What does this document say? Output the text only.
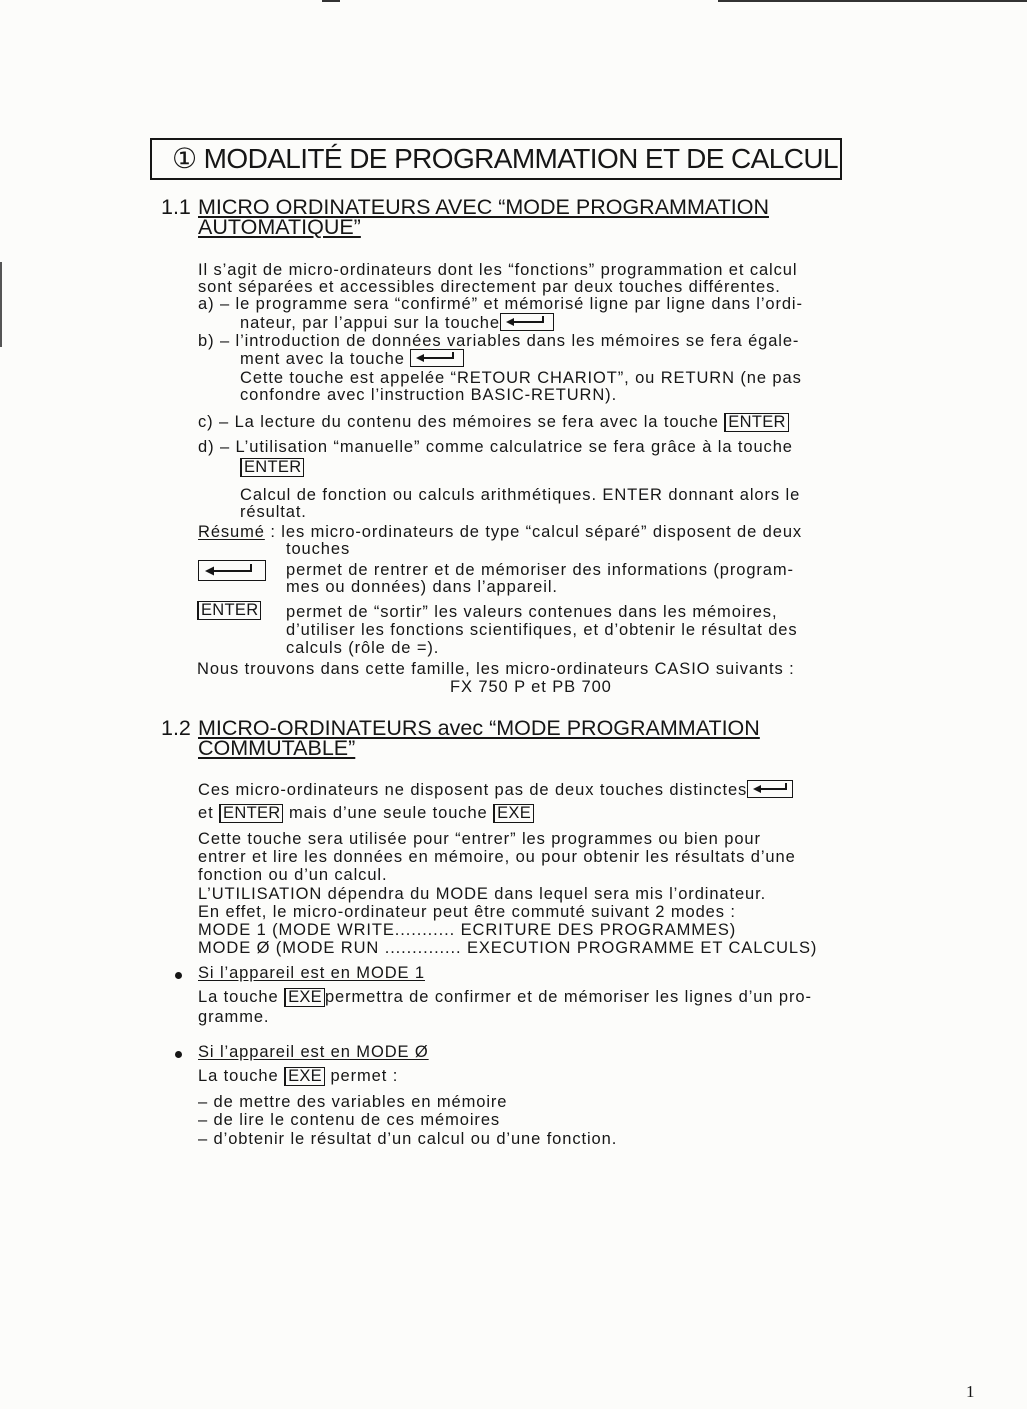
① MODALITÉ DE PROGRAMMATION ET DE CALCUL
1.1 MICRO ORDINATEURS AVEC “MODE PROGRAMMATION
AUTOMATIQUE”
Il s’agit de micro-ordinateurs dont les “fonctions” programmation et calcul
sont séparées et accessibles directement par deux touches différentes.
a) – le programme sera “confirmé” et mémorisé ligne par ligne dans l’ordi-
nateur, par l’appui sur la touche
b) – l’introduction de données variables dans les mémoires se fera égale-
ment avec la touche
Cette touche est appelée “RETOUR CHARIOT”, ou RETURN (ne pas
confondre avec l’instruction BASIC-RETURN).
c) – La lecture du contenu des mémoires se fera avec la touche ENTER
d) – L’utilisation “manuelle” comme calculatrice se fera grâce à la touche
ENTER
Calcul de fonction ou calculs arithmétiques. ENTER donnant alors le
résultat.
Résumé : les micro-ordinateurs de type “calcul séparé” disposent de deux
touches
permet de rentrer et de mémoriser des informations (program-
mes ou données) dans l’appareil.
ENTER permet de “sortir” les valeurs contenues dans les mémoires,
d’utiliser les fonctions scientifiques, et d’obtenir le résultat des
calculs (rôle de =).
Nous trouvons dans cette famille, les micro-ordinateurs CASIO suivants :
FX 750 P et PB 700
1.2 MICRO-ORDINATEURS avec “MODE PROGRAMMATION
COMMUTABLE”
Ces micro-ordinateurs ne disposent pas de deux touches distinctes
et ENTER mais d’une seule touche EXE
Cette touche sera utilisée pour “entrer” les programmes ou bien pour
entrer et lire les données en mémoire, ou pour obtenir les résultats d’une
fonction ou d’un calcul.
L’UTILISATION dépendra du MODE dans lequel sera mis l’ordinateur.
En effet, le micro-ordinateur peut être commuté suivant 2 modes :
MODE 1 (MODE WRITE........... ECRITURE DES PROGRAMMES)
MODE Ø (MODE RUN .............. EXECUTION PROGRAMME ET CALCULS)
Si l’appareil est en MODE 1
La touche EXE permettra de confirmer et de mémoriser les lignes d’un pro-
gramme.
Si l’appareil est en MODE Ø
La touche EXE permet :
– de mettre des variables en mémoire
– de lire le contenu de ces mémoires
– d’obtenir le résultat d’un calcul ou d’une fonction.
1
